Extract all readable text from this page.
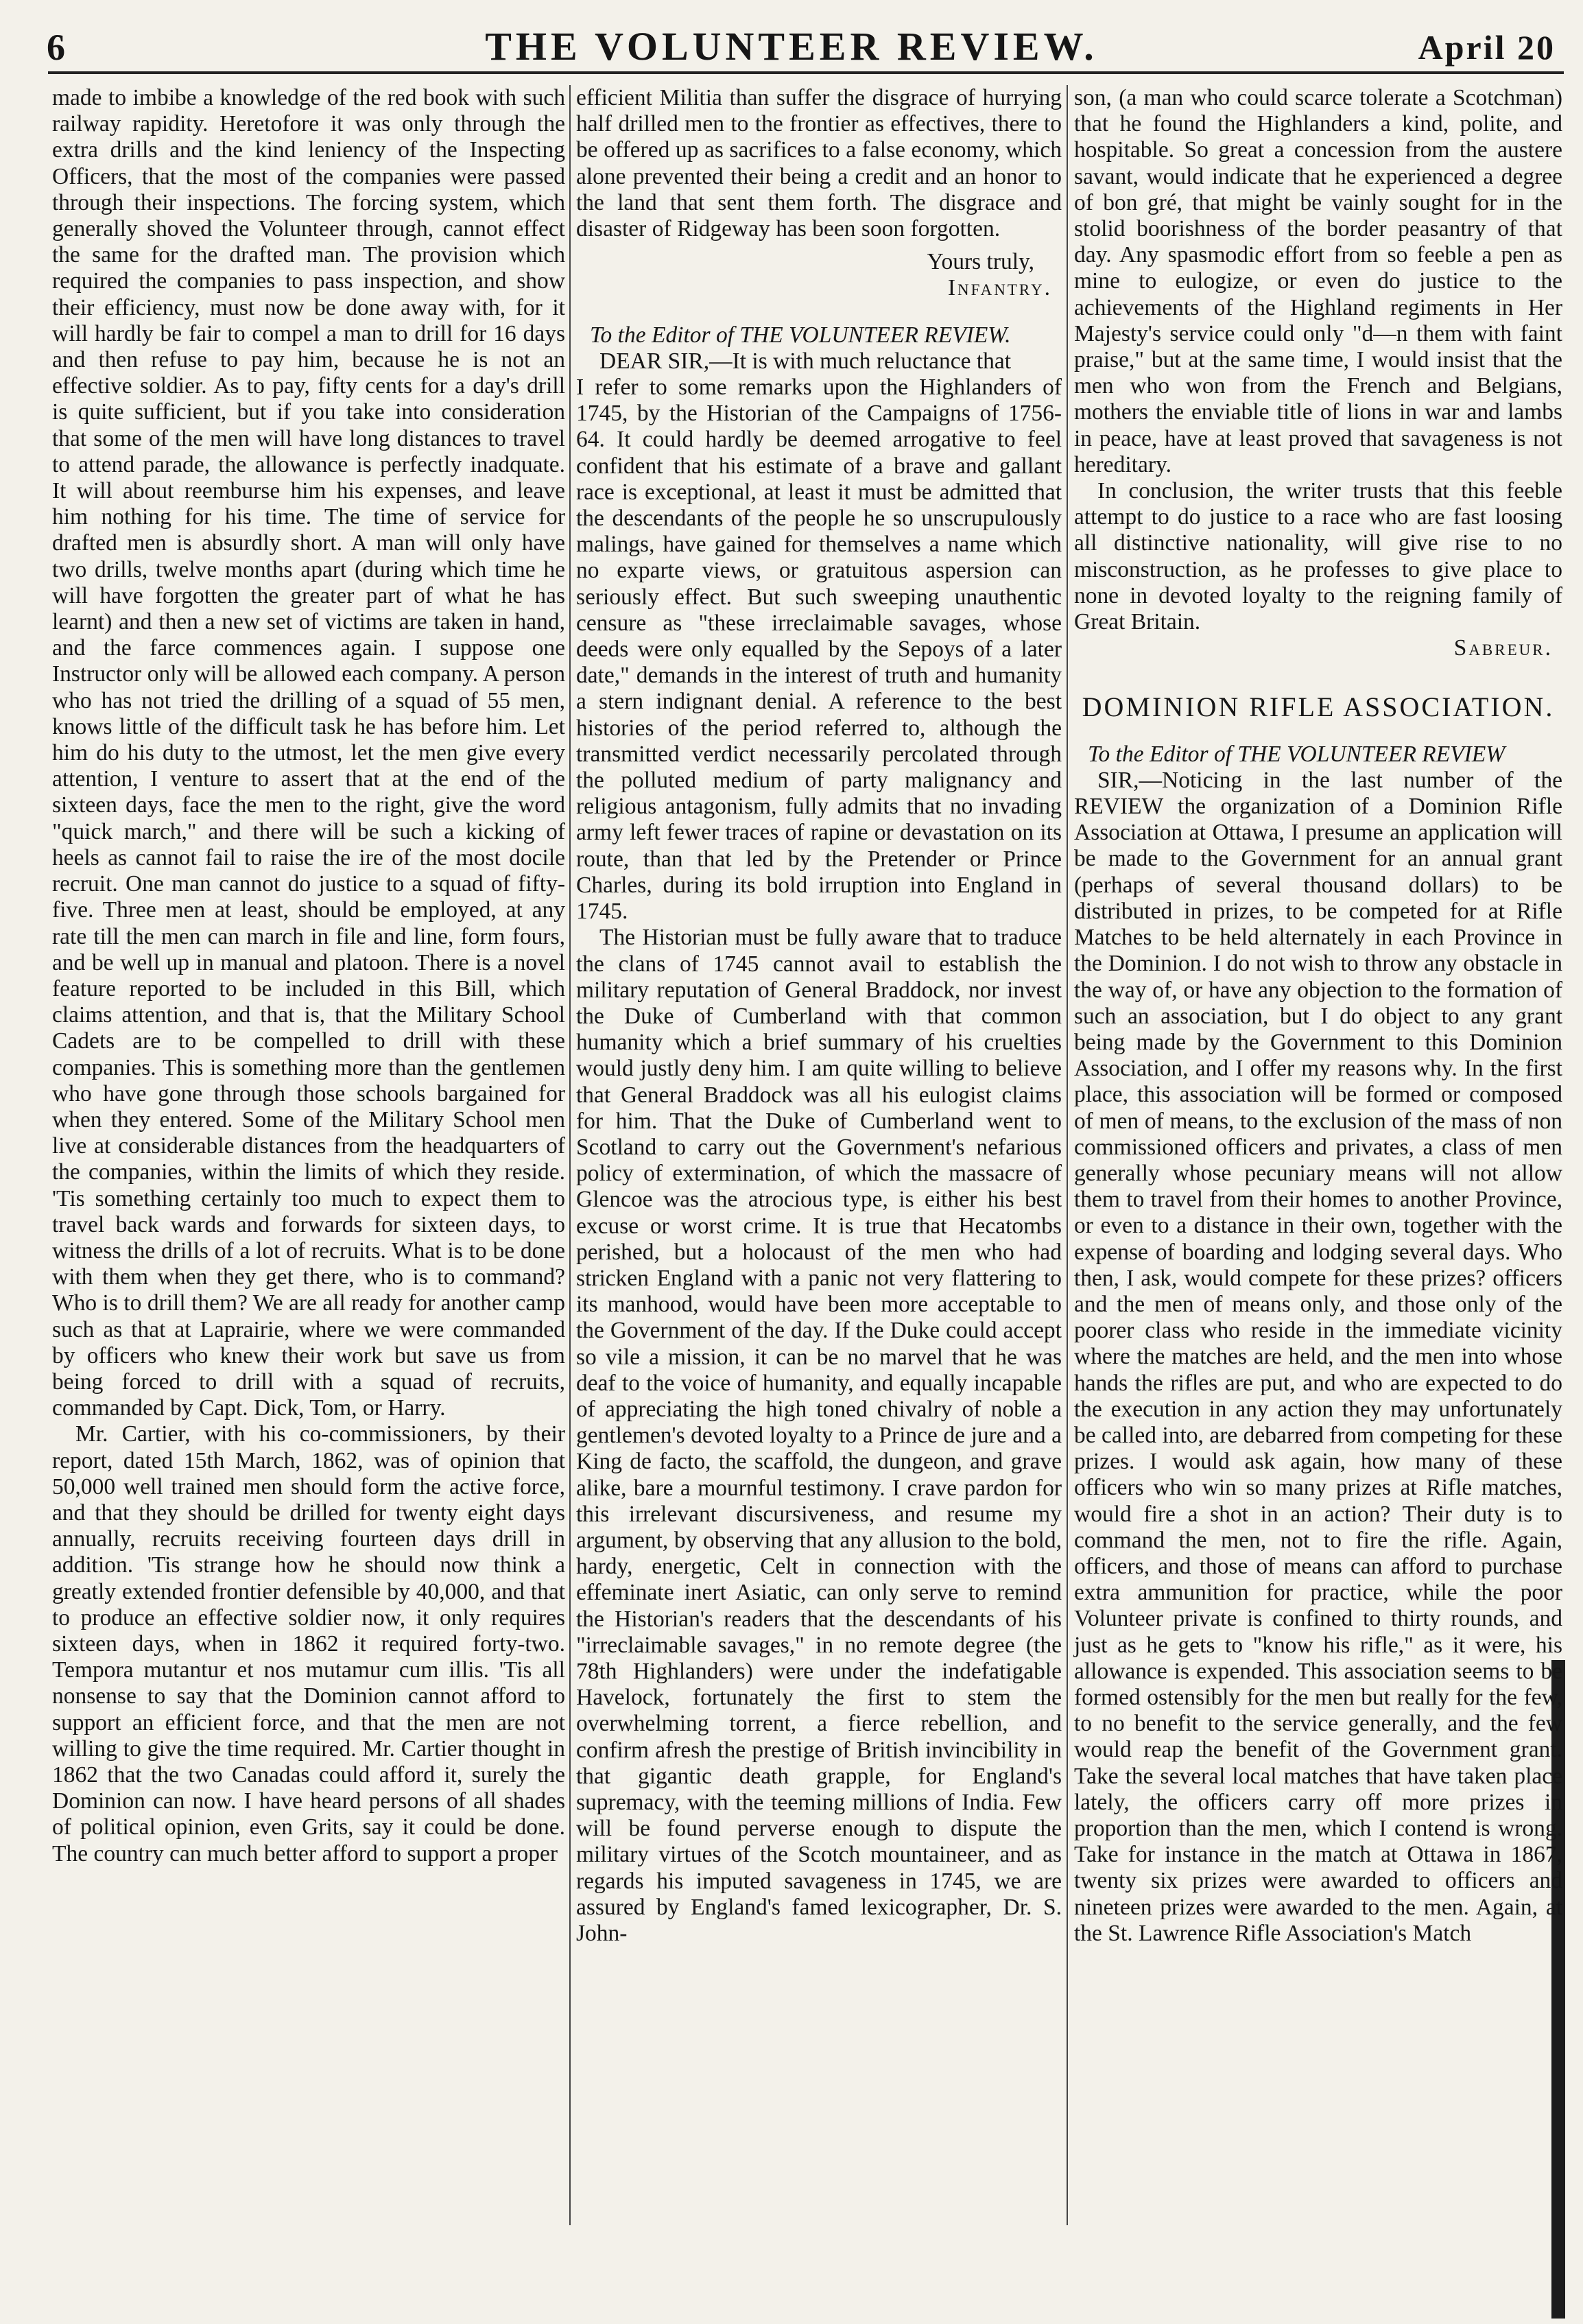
6	THE VOLUNTEER REVIEW.	April 20

made to imbibe a knowledge of the red book with such railway rapidity. Heretofore it was only through the extra drills and the kind leniency of the Inspecting Officers, that the most of the companies were passed through their inspections. The forcing system, which generally shoved the Volunteer through, cannot effect the same for the drafted man. The provision which required the companies to pass inspection, and show their efficiency, must now be done away with, for it will hardly be fair to compel a man to drill for 16 days and then refuse to pay him, because he is not an effective soldier. As to pay, fifty cents for a day's drill is quite sufficient, but if you take into consideration that some of the men will have long distances to travel to attend parade, the allowance is perfectly inadquate. It will about reemburse him his expenses, and leave him nothing for his time. The time of service for drafted men is absurdly short. A man will only have two drills, twelve months apart (during which time he will have forgotten the greater part of what he has learnt) and then a new set of victims are taken in hand, and the farce commences again. I suppose one Instructor only will be allowed each company. A person who has not tried the drilling of a squad of 55 men, knows little of the difficult task he has before him. Let him do his duty to the utmost, let the men give every attention, I venture to assert that at the end of the sixteen days, face the men to the right, give the word "quick march," and there will be such a kicking of heels as cannot fail to raise the ire of the most docile recruit. One man cannot do justice to a squad of fifty-five. Three men at least, should be employed, at any rate till the men can march in file and line, form fours, and be well up in manual and platoon. There is a novel feature reported to be included in this Bill, which claims attention, and that is, that the Military School Cadets are to be compelled to drill with these companies. This is something more than the gentlemen who have gone through those schools bargained for when they entered. Some of the Military School men live at considerable distances from the headquarters of the companies, within the limits of which they reside. 'Tis something certainly too much to expect them to travel back wards and forwards for sixteen days, to witness the drills of a lot of recruits. What is to be done with them when they get there, who is to command? Who is to drill them? We are all ready for another camp such as that at Laprairie, where we were commanded by officers who knew their work but save us from being forced to drill with a squad of recruits, commanded by Capt. Dick, Tom, or Harry.

Mr. Cartier, with his co-commissioners, by their report, dated 15th March, 1862, was of opinion that 50,000 well trained men should form the active force, and that they should be drilled for twenty eight days annually, recruits receiving fourteen days drill in addition. 'Tis strange how he should now think a greatly extended frontier defensible by 40,000, and that to produce an effective soldier now, it only requires sixteen days, when in 1862 it required forty-two. Tempora mutantur et nos mutamur cum illis. 'Tis all nonsense to say that the Dominion cannot afford to support an efficient force, and that the men are not willing to give the time required. Mr. Cartier thought in 1862 that the two Canadas could afford it, surely the Dominion can now. I have heard persons of all shades of political opinion, even Grits, say it could be done. The country can much better afford to support a proper

efficient Militia than suffer the disgrace of hurrying half drilled men to the frontier as effectives, there to be offered up as sacrifices to a false economy, which alone prevented their being a credit and an honor to the land that sent them forth. The disgrace and disaster of Ridgeway has been soon forgotten.

Yours truly,
Infantry.
To the Editor of THE VOLUNTEER REVIEW.

DEAR SIR,—It is with much reluctance that

I refer to some remarks upon the Highlanders of 1745, by the Historian of the Campaigns of 1756-64. It could hardly be deemed arrogative to feel confident that his estimate of a brave and gallant race is exceptional, at least it must be admitted that the descendants of the people he so unscrupulously malings, have gained for themselves a name which no exparte views, or gratuitous aspersion can seriously effect. But such sweeping unauthentic censure as "these irreclaimable savages, whose deeds were only equalled by the Sepoys of a later date," demands in the interest of truth and humanity a stern indignant denial. A reference to the best histories of the period referred to, although the transmitted verdict necessarily percolated through the polluted medium of party malignancy and religious antagonism, fully admits that no invading army left fewer traces of rapine or devastation on its route, than that led by the Pretender or Prince Charles, during its bold irruption into England in 1745.

The Historian must be fully aware that to traduce the clans of 1745 cannot avail to establish the military reputation of General Braddock, nor invest the Duke of Cumberland with that common humanity which a brief summary of his cruelties would justly deny him. I am quite willing to believe that General Braddock was all his eulogist claims for him. That the Duke of Cumberland went to Scotland to carry out the Government's nefarious policy of extermination, of which the massacre of Glencoe was the atrocious type, is either his best excuse or worst crime. It is true that Hecatombs perished, but a holocaust of the men who had stricken England with a panic not very flattering to its manhood, would have been more acceptable to the Government of the day. If the Duke could accept so vile a mission, it can be no marvel that he was deaf to the voice of humanity, and equally incapable of appreciating the high toned chivalry of noble a gentlemen's devoted loyalty to a Prince de jure and a King de facto, the scaffold, the dungeon, and grave alike, bare a mournful testimony. I crave pardon for this irrelevant discursiveness, and resume my argument, by observing that any allusion to the bold, hardy, energetic, Celt in connection with the effeminate inert Asiatic, can only serve to remind the Historian's readers that the descendants of his "irreclaimable savages," in no remote degree (the 78th Highlanders) were under the indefatigable Havelock, fortunately the first to stem the overwhelming torrent, a fierce rebellion, and confirm afresh the prestige of British invincibility in that gigantic death grapple, for England's supremacy, with the teeming millions of India. Few will be found perverse enough to dispute the military virtues of the Scotch mountaineer, and as regards his imputed savageness in 1745, we are assured by England's famed lexicographer, Dr. S. John-

son, (a man who could scarce tolerate a Scotchman) that he found the Highlanders a kind, polite, and hospitable. So great a concession from the austere savant, would indicate that he experienced a degree of bon gré, that might be vainly sought for in the stolid boorishness of the border peasantry of that day. Any spasmodic effort from so feeble a pen as mine to eulogize, or even do justice to the achievements of the Highland regiments in Her Majesty's service could only "d—n them with faint praise," but at the same time, I would insist that the men who won from the French and Belgians, mothers the enviable title of lions in war and lambs in peace, have at least proved that savageness is not hereditary.

In conclusion, the writer trusts that this feeble attempt to do justice to a race who are fast loosing all distinctive nationality, will give rise to no misconstruction, as he professes to give place to none in devoted loyalty to the reigning family of Great Britain.

Sabreur.
DOMINION RIFLE ASSOCIATION.
To the Editor of THE VOLUNTEER REVIEW

SIR,—Noticing in the last number of the REVIEW the organization of a Dominion Rifle Association at Ottawa, I presume an application will be made to the Government for an annual grant (perhaps of several thousand dollars) to be distributed in prizes, to be competed for at Rifle Matches to be held alternately in each Province in the Dominion. I do not wish to throw any obstacle in the way of, or have any objection to the formation of such an association, but I do object to any grant being made by the Government to this Dominion Association, and I offer my reasons why. In the first place, this association will be formed or composed of men of means, to the exclusion of the mass of non commissioned officers and privates, a class of men generally whose pecuniary means will not allow them to travel from their homes to another Province, or even to a distance in their own, together with the expense of boarding and lodging several days. Who then, I ask, would compete for these prizes? officers and the men of means only, and those only of the poorer class who reside in the immediate vicinity where the matches are held, and the men into whose hands the rifles are put, and who are expected to do the execution in any action they may unfortunately be called into, are debarred from competing for these prizes. I would ask again, how many of these officers who win so many prizes at Rifle matches, would fire a shot in an action? Their duty is to command the men, not to fire the rifle. Again, officers, and those of means can afford to purchase extra ammunition for practice, while the poor Volunteer private is confined to thirty rounds, and just as he gets to "know his rifle," as it were, his allowance is expended. This association seems to be formed ostensibly for the men but really for the few, to no benefit to the service generally, and the few would reap the benefit of the Government grant. Take the several local matches that have taken place lately, the officers carry off more prizes in proportion than the men, which I contend is wrong. Take for instance in the match at Ottawa in 1867, twenty six prizes were awarded to officers and nineteen prizes were awarded to the men. Again, at the St. Lawrence Rifle Association's Match
